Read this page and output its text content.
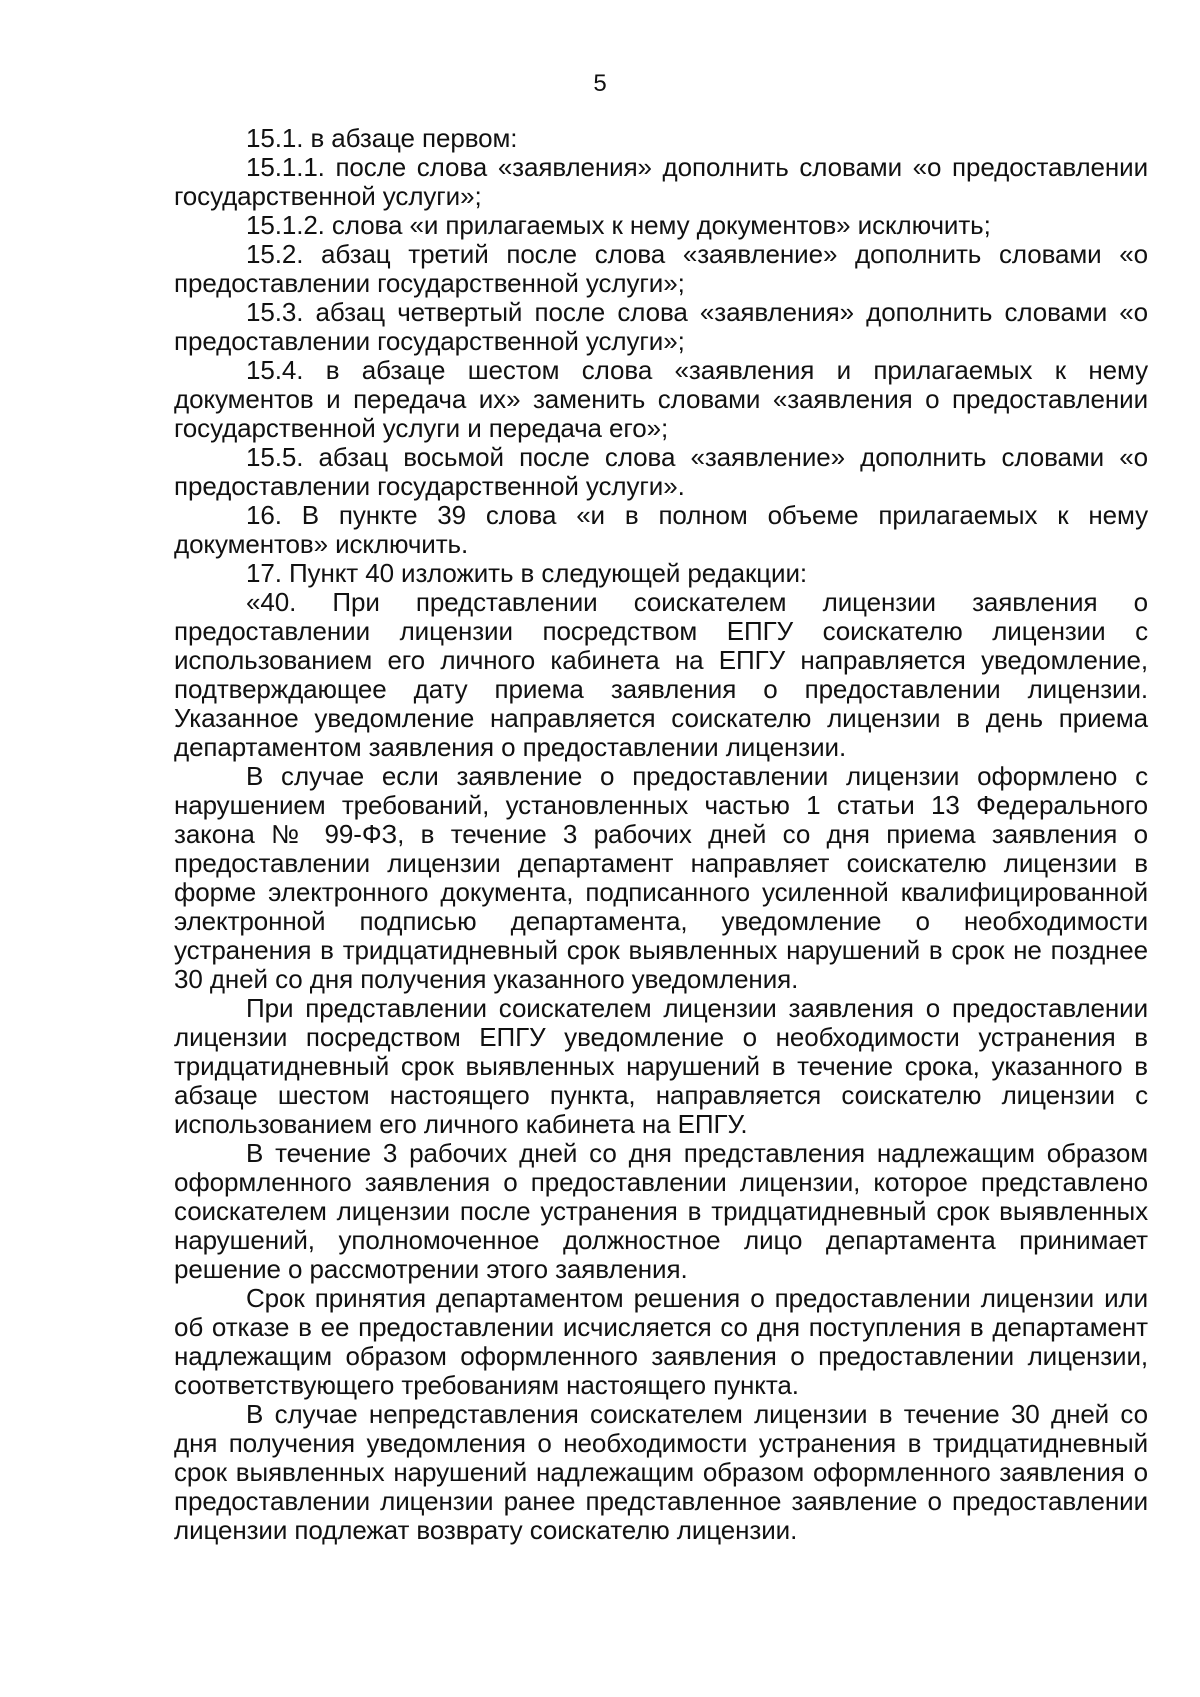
5

15.1. в абзаце первом:

15.1.1. после слова «заявления» дополнить словами «о предоставлении государственной услуги»;

15.1.2. слова «и прилагаемых к нему документов» исключить;

15.2. абзац третий после слова «заявление» дополнить словами «о предоставлении государственной услуги»;

15.3. абзац четвертый после слова «заявления» дополнить словами «о предоставлении государственной услуги»;

15.4. в абзаце шестом слова «заявления и прилагаемых к нему документов и передача их» заменить словами «заявления о предоставлении государственной услуги и передача его»;

15.5. абзац восьмой после слова «заявление» дополнить словами «о предоставлении государственной услуги».

16. В пункте 39 слова «и в полном объеме прилагаемых к нему документов» исключить.

17. Пункт 40 изложить в следующей редакции:

«40. При представлении соискателем лицензии заявления о предоставлении лицензии посредством ЕПГУ соискателю лицензии с использованием его личного кабинета на ЕПГУ направляется уведомление, подтверждающее дату приема заявления о предоставлении лицензии. Указанное уведомление направляется соискателю лицензии в день приема департаментом заявления о предоставлении лицензии.

В случае если заявление о предоставлении лицензии оформлено с нарушением требований, установленных частью 1 статьи 13 Федерального закона № 99-ФЗ, в течение 3 рабочих дней со дня приема заявления о предоставлении лицензии департамент направляет соискателю лицензии в форме электронного документа, подписанного усиленной квалифицированной электронной подписью департамента, уведомление о необходимости устранения в тридцатидневный срок выявленных нарушений в срок не позднее 30 дней со дня получения указанного уведомления.

При представлении соискателем лицензии заявления о предоставлении лицензии посредством ЕПГУ уведомление о необходимости устранения в тридцатидневный срок выявленных нарушений в течение срока, указанного в абзаце шестом настоящего пункта, направляется соискателю лицензии с использованием его личного кабинета на ЕПГУ.

В течение 3 рабочих дней со дня представления надлежащим образом оформленного заявления о предоставлении лицензии, которое представлено соискателем лицензии после устранения в тридцатидневный срок выявленных нарушений, уполномоченное должностное лицо департамента принимает решение о рассмотрении этого заявления.

Срок принятия департаментом решения о предоставлении лицензии или об отказе в ее предоставлении исчисляется со дня поступления в департамент надлежащим образом оформленного заявления о предоставлении лицензии, соответствующего требованиям настоящего пункта.

В случае непредставления соискателем лицензии в течение 30 дней со дня получения уведомления о необходимости устранения в тридцатидневный срок выявленных нарушений надлежащим образом оформленного заявления о предоставлении лицензии ранее представленное заявление о предоставлении лицензии подлежат возврату соискателю лицензии.
